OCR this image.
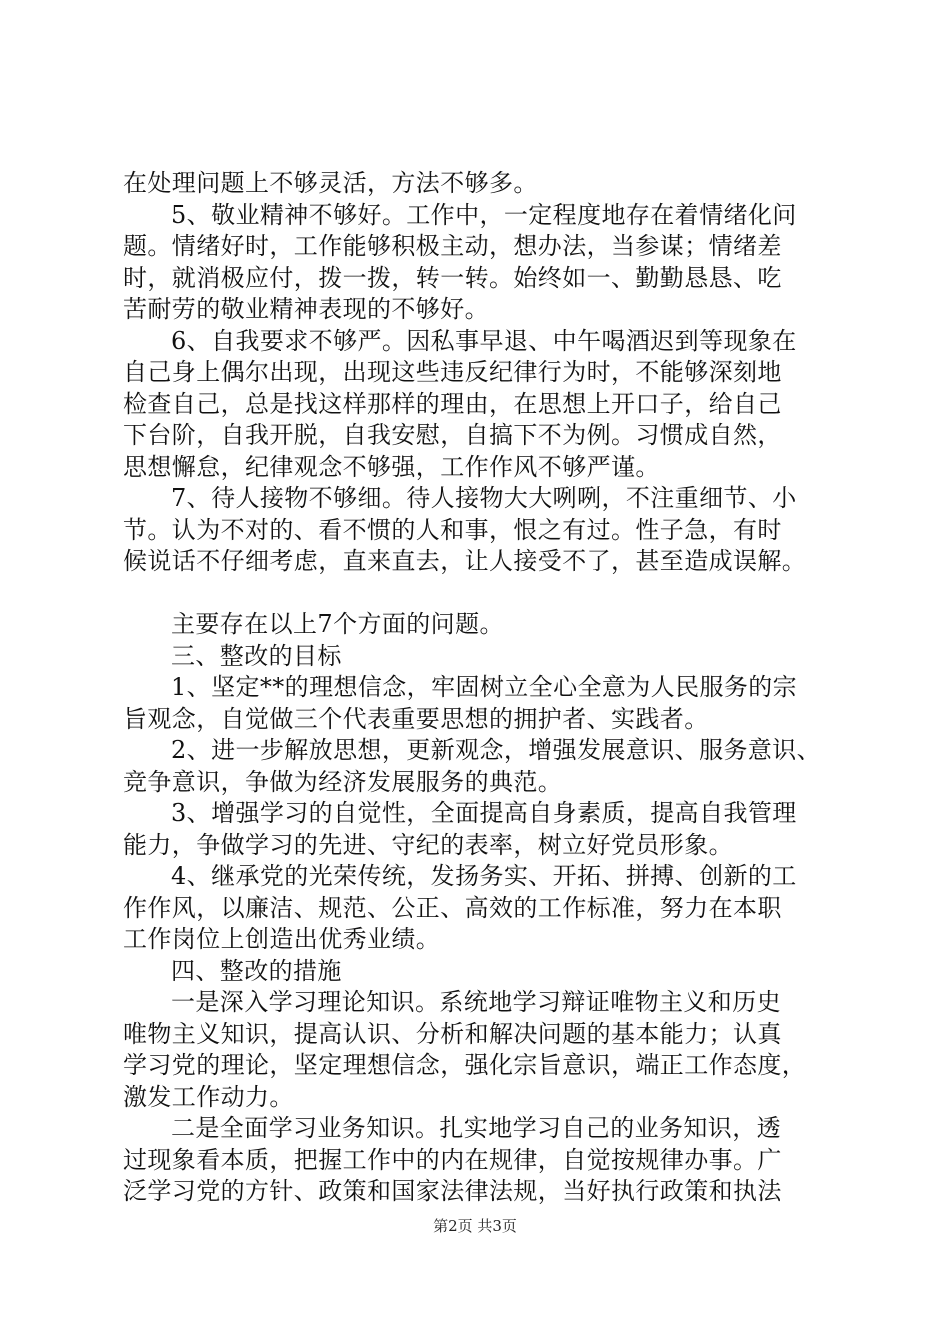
在处理问题上不够灵活，方法不够多。
5、敬业精神不够好。工作中，一定程度地存在着情绪化问
题。情绪好时，工作能够积极主动，想办法，当参谋；情绪差
时，就消极应付，拨一拨，转一转。始终如一、勤勤恳恳、吃
苦耐劳的敬业精神表现的不够好。
6、自我要求不够严。因私事早退、中午喝酒迟到等现象在
自己身上偶尔出现，出现这些违反纪律行为时，不能够深刻地
检查自己，总是找这样那样的理由，在思想上开口子，给自己
下台阶，自我开脱，自我安慰，自搞下不为例。习惯成自然，
思想懈怠，纪律观念不够强，工作作风不够严谨。
7、待人接物不够细。待人接物大大咧咧，不注重细节、小
节。认为不对的、看不惯的人和事，恨之有过。性子急，有时
候说话不仔细考虑，直来直去，让人接受不了，甚至造成误解。
主要存在以上7个方面的问题。
三、整改的目标
1、坚定**的理想信念，牢固树立全心全意为人民服务的宗
旨观念，自觉做三个代表重要思想的拥护者、实践者。
2、进一步解放思想，更新观念，增强发展意识、服务意识、
竞争意识，争做为经济发展服务的典范。
3、增强学习的自觉性，全面提高自身素质，提高自我管理
能力，争做学习的先进、守纪的表率，树立好党员形象。
4、继承党的光荣传统，发扬务实、开拓、拼搏、创新的工
作作风，以廉洁、规范、公正、高效的工作标准，努力在本职
工作岗位上创造出优秀业绩。
四、整改的措施
一是深入学习理论知识。系统地学习辩证唯物主义和历史
唯物主义知识，提高认识、分析和解决问题的基本能力；认真
学习党的理论，坚定理想信念，强化宗旨意识，端正工作态度，
激发工作动力。
二是全面学习业务知识。扎实地学习自己的业务知识，透
过现象看本质，把握工作中的内在规律，自觉按规律办事。广
泛学习党的方针、政策和国家法律法规，当好执行政策和执法
第2页 共3页
